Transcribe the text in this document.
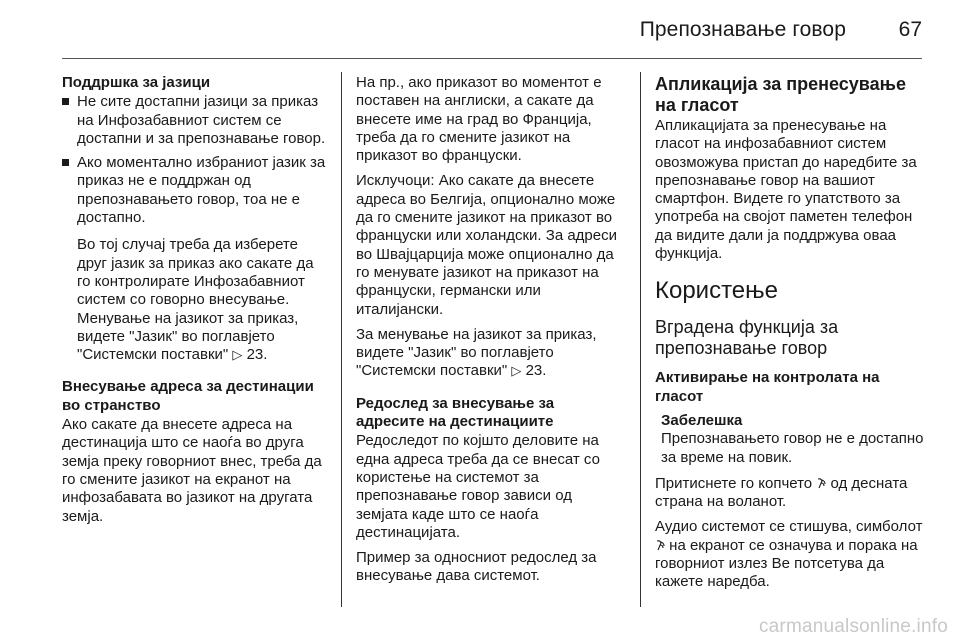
Препознавање говор	67
Поддршка за јазици
Не сите достапни јазици за приказ на Инфозабавниот систем се достапни и за препознавање говор.
Ако моментално избраниот јазик за приказ не е поддржан од препознавањето говор, тоа не е достапно.

Во тој случај треба да изберете друг јазик за приказ ако сакате да го контролирате Инфозабавниот систем со говорно внесување. Менување на јазикот за приказ, видете "Јазик" во поглавјето "Системски поставки" ▷ 23.

Внесување адреса за дестинации во странство

Ако сакате да внесете адреса на дестинација што се наоѓа во друга земја преку говорниот внес, треба да го смените јазикот на екранот на инфозабавата во јазикот на другата земја.

На пр., ако приказот во моментот е поставен на англиски, а сакате да внесете име на град во Франција, треба да го смените јазикот на приказот во француски.

Исклучоци: Ако сакате да внесете адреса во Белгија, опционално може да го смените јазикот на приказот во француски или холандски. За адреси во Швајцарција може опционално да го менувате јазикот на приказот на француски, германски или италијански.

За менување на јазикот за приказ, видете "Јазик" во поглавјето "Системски поставки" ▷ 23.

Редослед за внесување за адресите на дестинациите

Редоследот по којшто деловите на една адреса треба да се внесат со користење на системот за препознавање говор зависи од земјата каде што се наоѓа дестинацијата.

Пример за односниот редослед за внесување дава системот.

Апликација за пренесување на гласот

Апликацијата за пренесување на гласот на инфозабавниот систем овозможува пристап до наредбите за препознавање говор на вашиот смартфон. Видете го упатството за употреба на својот паметен телефон да видите дали ја поддржува оваа функција.

Користење
Вградена функција за препознавање говор
Активирање на контролата на гласот
Забелешка
Препознавањето говор не е достапно за време на повик.

Притиснете го копчето од десната страна на воланот.

Аудио системот се стишува, симболот  на екранот се означува и порака на говорниот излез Ве потсетува да кажете наредба.

carmanualsonline.info
